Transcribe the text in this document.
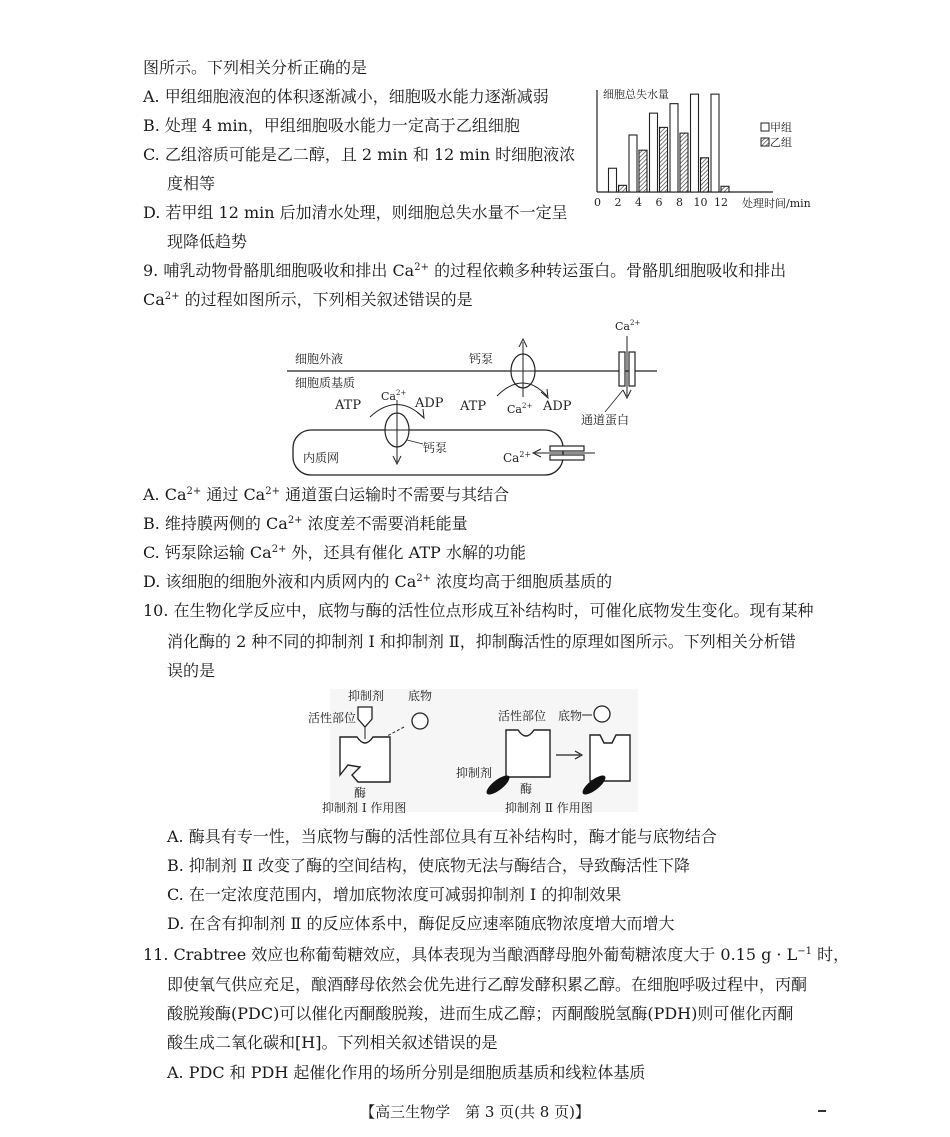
图所示。下列相关分析正确的是
A. 甲组细胞液泡的体积逐渐减小，细胞吸水能力逐渐减弱
B. 处理 4 min，甲组细胞吸水能力一定高于乙组细胞
C. 乙组溶质可能是乙二醇，且 2 min 和 12 min 时细胞液浓
度相等
D. 若甲组 12 min 后加清水处理，则细胞总失水量不一定呈
现降低趋势
细胞总失水量
0 2 4 6 8 10 12 处理时间/min
甲组
乙组
9. 哺乳动物骨骼肌细胞吸收和排出 $Ca^{2+}$ 的过程依赖多种转运蛋白。骨骼肌细胞吸收和排出
$Ca^{2+}$ 的过程如图所示，下列相关叙述错误的是
细胞外液
细胞质基质
钙泵
ATP	ADP
$Ca^{2+}$
$Ca^{2+}$
通道蛋白
内质网
ATP	ADP
$Ca^{2+}$
钙泵
$Ca^{2+}$
A. $Ca^{2+}$ 通过 $Ca^{2+}$ 通道蛋白运输时不需要与其结合
B. 维持膜两侧的 $Ca^{2+}$ 浓度差不需要消耗能量
C. 钙泵除运输 $Ca^{2+}$ 外，还具有催化 ATP 水解的功能
D. 该细胞的细胞外液和内质网内的 $Ca^{2+}$ 浓度均高于细胞质基质的
10. 在生物化学反应中，底物与酶的活性位点形成互补结构时，可催化底物发生变化。现有某种
消化酶的 2 种不同的抑制剂 Ⅰ 和抑制剂 Ⅱ，抑制酶活性的原理如图所示。下列相关分析错
误的是
抑制剂 底物
活性部位
酶
抑制剂 Ⅰ 作用图
活性部位 底物
抑制剂
酶
抑制剂 Ⅱ 作用图
A. 酶具有专一性，当底物与酶的活性部位具有互补结构时，酶才能与底物结合
B. 抑制剂 Ⅱ 改变了酶的空间结构，使底物无法与酶结合，导致酶活性下降
C. 在一定浓度范围内，增加底物浓度可减弱抑制剂 Ⅰ 的抑制效果
D. 在含有抑制剂 Ⅱ 的反应体系中，酶促反应速率随底物浓度增大而增大
11. Crabtree 效应也称葡萄糖效应，具体表现为当酿酒酵母胞外葡萄糖浓度大于 0.15 $g \cdot L^{-1}$ 时，
即使氧气供应充足，酿酒酵母依然会优先进行乙醇发酵积累乙醇。在细胞呼吸过程中，丙酮
酸脱羧酶(PDC)可以催化丙酮酸脱羧，进而生成乙醇；丙酮酸脱氢酶(PDH)则可催化丙酮
酸生成二氧化碳和[H]。下列相关叙述错误的是
A. PDC 和 PDH 起催化作用的场所分别是细胞质基质和线粒体基质
【高三生物学　第 3 页(共 8 页)】
